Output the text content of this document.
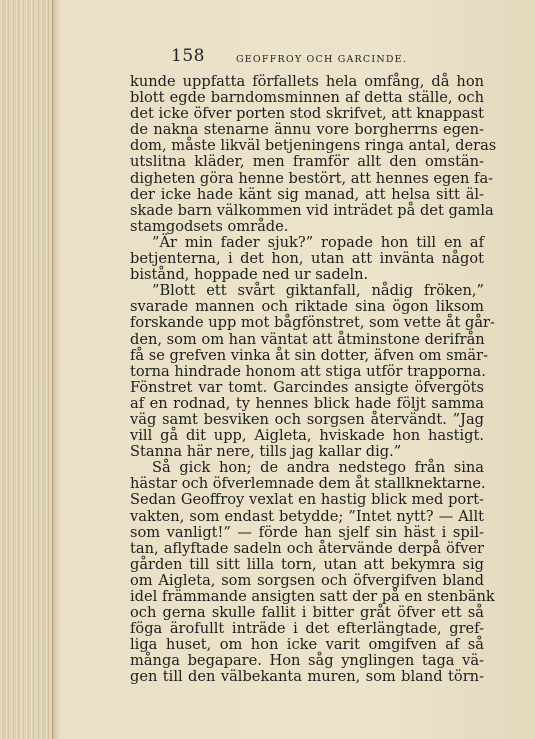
158	GEOFFROY OCH GARCINDE.
kunde uppfatta förfallets hela omfång, då hon
blott egde barndomsminnen af detta ställe, och
det icke öfver porten stod skrifvet, att knappast
de nakna stenarne ännu vore borgherrns egen-
dom, måste likväl betjeningens ringa antal, deras
utslitna kläder, men framför allt den omstän-
digheten göra henne bestört, att hennes egen fa-
der icke hade känt sig manad, att helsa sitt äl-
skade barn välkommen vid inträdet på det gamla
stamgodsets område.
”Är min fader sjuk?” ropade hon till en af
betjenterna, i det hon, utan att invänta något
bistånd, hoppade ned ur sadeln.
”Blott ett svårt giktanfall, nådig fröken,”
svarade mannen och riktade sina ögon liksom
forskande upp mot bågfönstret, som vette åt går-
den, som om han väntat att åtminstone derifrån
få se grefven vinka åt sin dotter, äfven om smär-
torna hindrade honom att stiga utför trapporna.
Fönstret var tomt. Garcindes ansigte öfvergöts
af en rodnad, ty hennes blick hade följt samma
väg samt besviken och sorgsen återvändt. ”Jag
vill gå dit upp, Aigleta, hviskade hon hastigt.
Stanna här nere, tills jag kallar dig.”
Så gick hon; de andra nedstego från sina
hästar och öfverlemnade dem åt stallknektarne.
Sedan Geoffroy vexlat en hastig blick med port-
vakten, som endast betydde; ”Intet nytt? — Allt
som vanligt!” — förde han sjelf sin häst i spil-
tan, aflyftade sadeln och återvände derpå öfver
gården till sitt lilla torn, utan att bekymra sig
om Aigleta, som sorgsen och öfvergifven bland
idel främmande ansigten satt der på en stenbänk
och gerna skulle fallit i bitter gråt öfver ett så
föga ärofullt inträde i det efterlängtade, gref-
liga huset, om hon icke varit omgifven af så
många begapare. Hon såg ynglingen taga vä-
gen till den välbekanta muren, som bland törn-
